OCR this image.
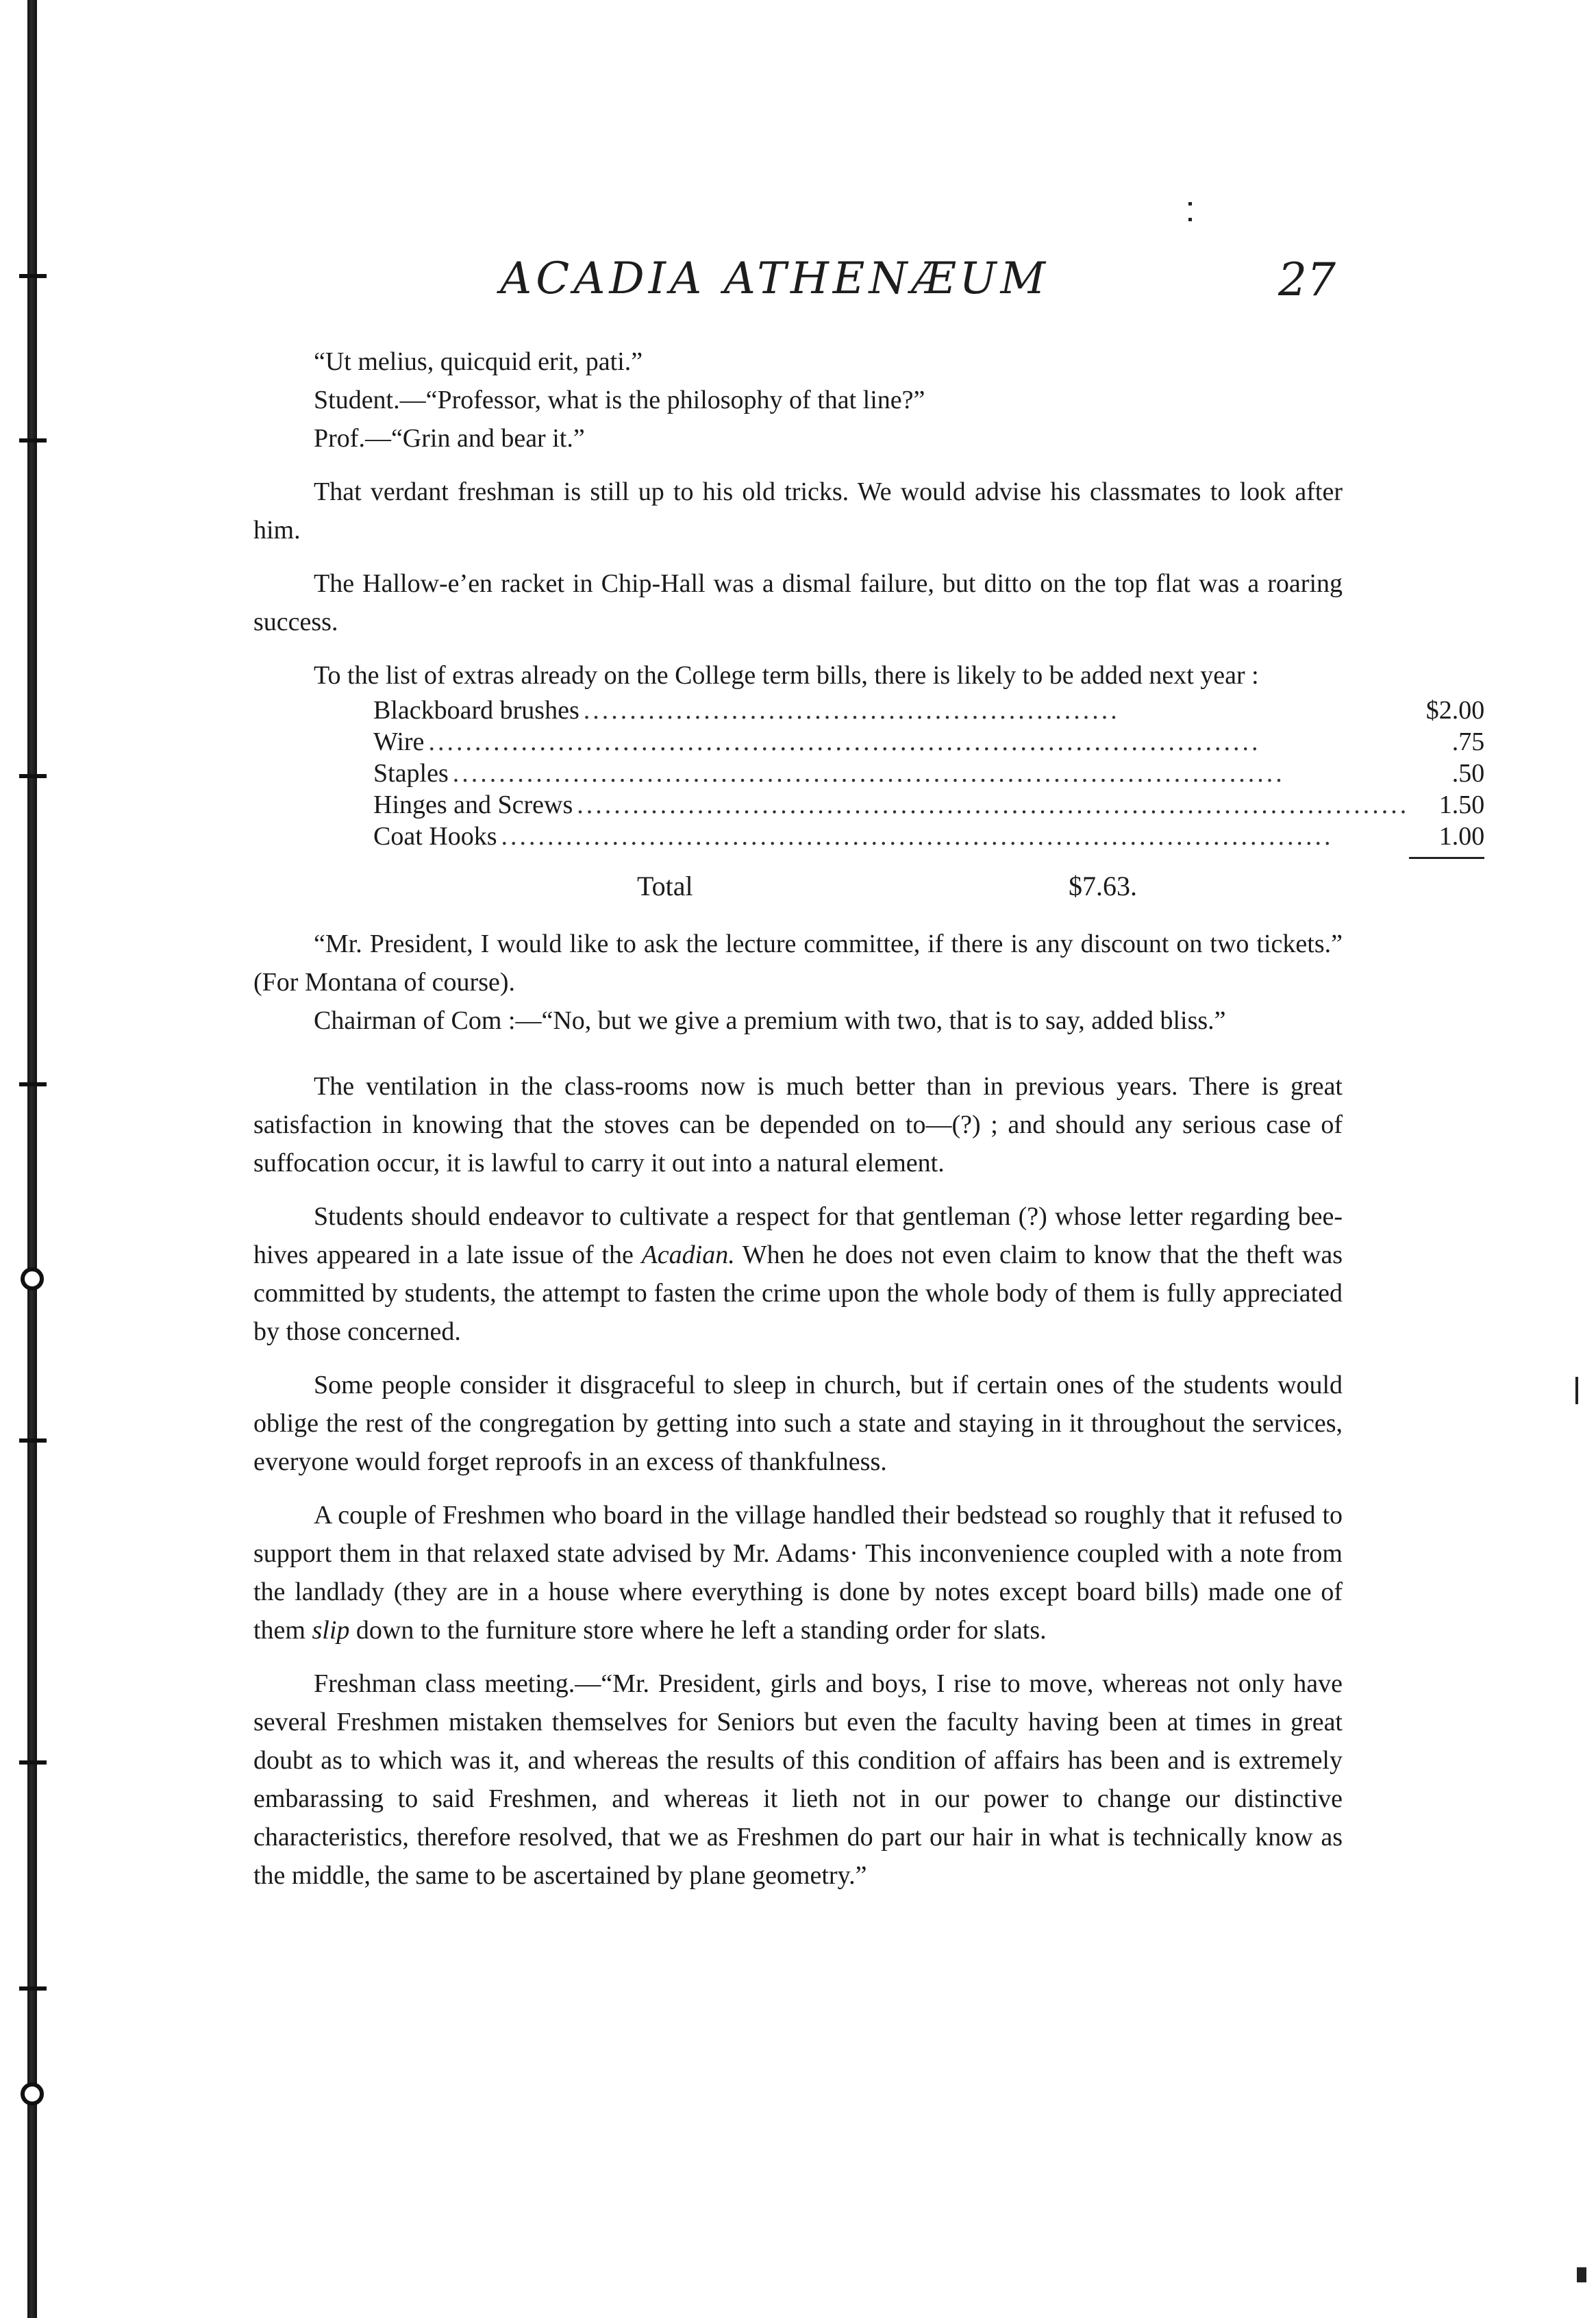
ACADIA ATHENÆUM	27

“Ut melius, quicquid erit, pati.”

Student.—“Professor, what is the philosophy of that line?”

Prof.—“Grin and bear it.”

That verdant freshman is still up to his old tricks. We would advise his classmates to look after him.

The Hallow-e’en racket in Chip-Hall was a dismal failure, but ditto on the top flat was a roaring success.

To the list of extras already on the College term bills, there is likely to be added next year :

Blackboard brushes ..........................................................	$2.00
Wire ..........................................................................................	.75
Staples ..........................................................................................	.50
Hinges and Screws ..........................................................................................	1.50
Coat Hooks ..........................................................................................	1.00

Total	$7.63.

“Mr. President, I would like to ask the lecture committee, if there is any discount on two tickets.” (For Montana of course).

Chairman of Com :—“No, but we give a premium with two, that is to say, added bliss.”

The ventilation in the class-rooms now is much better than in previous years. There is great satisfaction in knowing that the stoves can be depended on to—(?) ; and should any serious case of suffocation occur, it is lawful to carry it out into a natural element.

Students should endeavor to cultivate a respect for that gentleman (?) whose letter regarding bee-hives appeared in a late issue of the Acadian. When he does not even claim to know that the theft was committed by students, the attempt to fasten the crime upon the whole body of them is fully appreciated by those concerned.

Some people consider it disgraceful to sleep in church, but if certain ones of the students would oblige the rest of the congregation by getting into such a state and staying in it throughout the services, everyone would forget reproofs in an excess of thankfulness.

A couple of Freshmen who board in the village handled their bedstead so roughly that it refused to support them in that relaxed state advised by Mr. Adams· This inconvenience coupled with a note from the landlady (they are in a house where everything is done by notes except board bills) made one of them slip down to the furniture store where he left a standing order for slats.

Freshman class meeting.—“Mr. President, girls and boys, I rise to move, whereas not only have several Freshmen mistaken themselves for Seniors but even the faculty having been at times in great doubt as to which was it, and whereas the results of this condition of affairs has been and is extremely embarassing to said Freshmen, and whereas it lieth not in our power to change our distinctive characteristics, therefore resolved, that we as Freshmen do part our hair in what is technically know as the middle, the same to be ascertained by plane geometry.”
